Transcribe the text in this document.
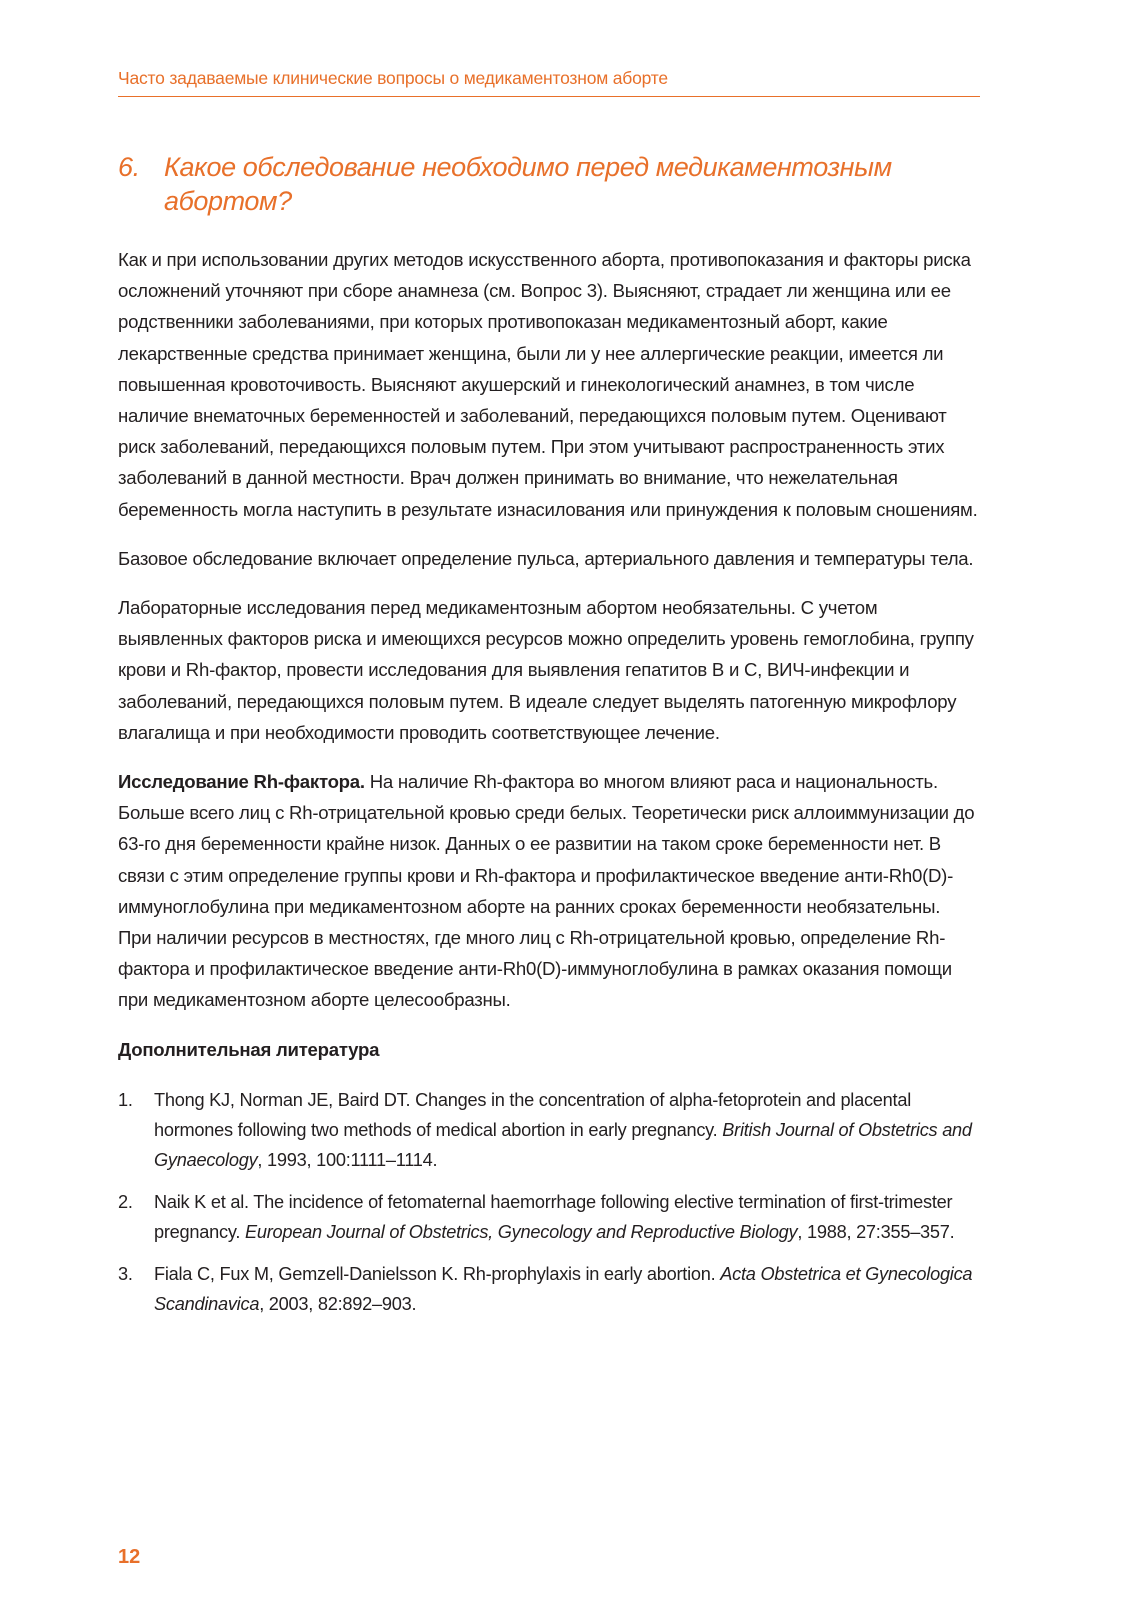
Часто задаваемые клинические вопросы о медикаментозном аборте
6. Какое обследование необходимо перед медикаментозным абортом?

Как и при использовании других методов искусственного аборта, противопоказания и факторы риска осложнений уточняют при сборе анамнеза (см. Вопрос 3). Выясняют, страдает ли женщина или ее родственники заболеваниями, при которых противопоказан медикаментозный аборт, какие лекарственные средства принимает женщина, были ли у нее аллергические реакции, имеется ли повышенная кровоточивость. Выясняют акушерский и гинекологический анамнез, в том числе наличие внематочных беременностей и заболеваний, передающихся половым путем. Оценивают риск заболеваний, передающихся половым путем. При этом учитывают распространенность этих заболеваний в данной местности. Врач должен принимать во внимание, что нежелательная беременность могла наступить в результате изнасилования или принуждения к половым сношениям.

Базовое обследование включает определение пульса, артериального давления и температуры тела.

Лабораторные исследования перед медикаментозным абортом необязательны. С учетом выявленных факторов риска и имеющихся ресурсов можно определить уровень гемоглобина, группу крови и Rh-фактор, провести исследования для выявления гепатитов В и С, ВИЧ-инфекции и заболеваний, передающихся половым путем. В идеале следует выделять патогенную микрофлору влагалища и при необходимости проводить соответствующее лечение.

Исследование Rh-фактора. На наличие Rh-фактора во многом влияют раса и национальность. Больше всего лиц с Rh-отрицательной кровью среди белых. Теоретически риск аллоиммунизации до 63-го дня беременности крайне низок. Данных о ее развитии на таком сроке беременности нет. В связи с этим определение группы крови и Rh-фактора и профилактическое введение анти-Rh0(D)-иммуноглобулина при медикаментозном аборте на ранних сроках беременности необязательны. При наличии ресурсов в местностях, где много лиц с Rh-отрицательной кровью, определение Rh-фактора и профилактическое введение анти-Rh0(D)-иммуноглобулина в рамках оказания помощи при медикаментозном аборте целесообразны.

Дополнительная литература
1. Thong KJ, Norman JE, Baird DT. Changes in the concentration of alpha-fetoprotein and placental hormones following two methods of medical abortion in early pregnancy. British Journal of Obstetrics and Gynaecology, 1993, 100:1111–1114.
2. Naik K et al. The incidence of fetomaternal haemorrhage following elective termination of first-trimester pregnancy. European Journal of Obstetrics, Gynecology and Reproductive Biology, 1988, 27:355–357.
3. Fiala C, Fux M, Gemzell-Danielsson K. Rh-prophylaxis in early abortion. Acta Obstetrica et Gynecologica Scandinavica, 2003, 82:892–903.
12
